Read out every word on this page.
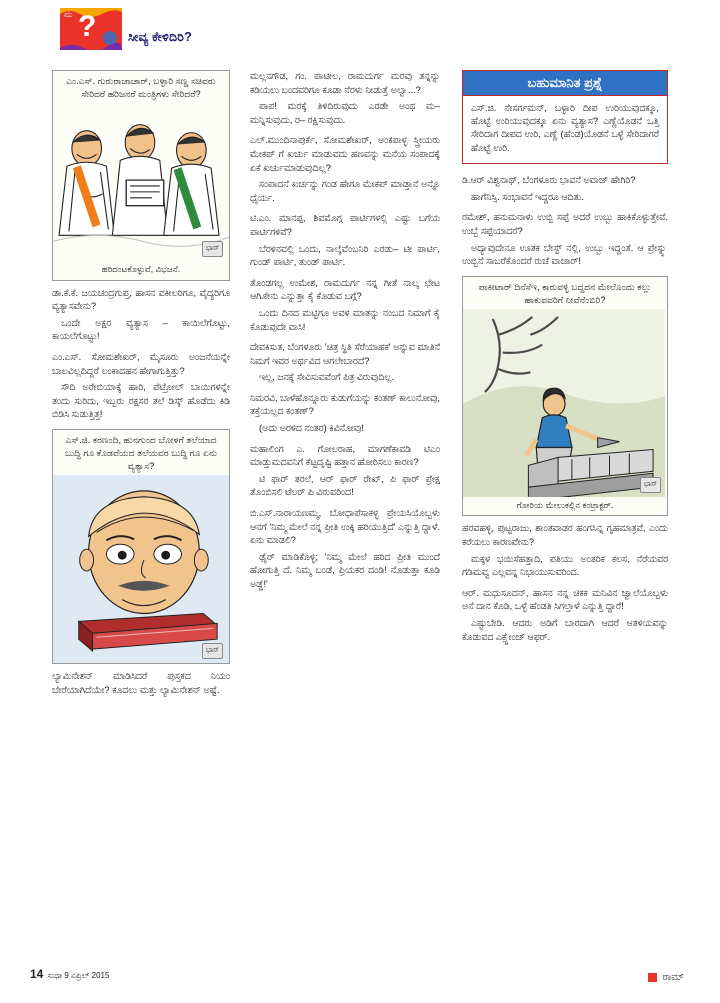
ಮ ?	ಸೀವ್ಯ ಕೇಳಿದಿರಿ?
ಎಂ.ಎಸ್. ಗುರುರಾಜಾಚಾರ್, ಬಳ್ಳಾರಿ ಸಣ್ಣ ಸಚಿವರು ಸೇರಿದರೆ ಹರಿಜನರೆ ಮಂತ್ರಿಗಳು ಸೇರಿದರೆ?
ಭಾಸ್
ಹರಿದಂಟಕೊಳ್ಳುವೆ, ವಿಭಜನೆ.

ಡಾ.ಕೆ.ಕೆ. ಜಯಚಂದ್ರಗುಪ್ತ, ಹಾಸನ ವಕೀಲರಿಗೂ, ವೈದ್ಯರಿಗೂ ವ್ಯತ್ಯಾಸವೇನು?

ಒಂದೇ ಅಕ್ಷರ ವ್ಯತ್ಯಾಸ – ಕಾಯಿಲೆಗೊಟ್ಟು, ಕಾಯಲೆಗೊಟ್ಟು!

ಎಂ.ಎಸ್. ಸೋಮಶೇಖರ್, ಮೈಸೂರು ಅಂಜನೆಯನ್ನೇ ಬಾಲವಿಲ್ಲದಿದ್ದರೆ ಲಂಕಾದಹನ ಹೇಗಾಗುತ್ತಿತ್ತು?

ಸೌದಿ ಅರೇಬಿಯಾಕ್ಕೆ ಹಾರಿ, ಪೆಟ್ರೋಲ್ ಬಾಯಿಗಳನ್ನೇ ತಂದು ಸುರಿದು, ಇಬ್ಬರು ರಕ್ಷಸರ ತಲೆ ಡಿಸ್ಕ್ ಹೊಡೆದು ಕಿಡಿ ಬಿಡಿಸಿ ಸುಡುತ್ತಿತ್ತ!

ಎಸ್.ಜಿ. ಕರಣಂದಿ, ಹುನಗುಂದ ಬೋಳಗೆ ತಲೆಯಾದ ಬುದ್ಧಿ ಗೂ ಕೊಡವೆಯದ ತಲೆಯವರ ಬುದ್ಧಿ ಗೂ ಏನು ವ್ಯತ್ಯಾಸ?
ಭಾಸ್

ಲ್ಯಾಮಿನೇಶನ್ ಮಾಡಿಸಿದರೆ ಪುಸ್ತಕದ ನಿಯಂ ಬೇರೆಯಾಗಿದೆಯೇ? ಕೂದಲು ಮತ್ತು ಲ್ಯಾಮಿನೇಶನ್ ಅಷ್ಟೆ.

ಮಲ್ಲನಗೌಡ, ಗಂ. ಪಾಟೀಲ, ರಾಮದುರ್ಗ ಮರವು ತನ್ನನ್ನು ಕಡಿಯಲು ಬಂದವರಿಗೂ ಕೂಡಾ ನೆರಳು ನೀಡುತ್ತೆ ಅಲ್ವಾ...?

ಪಾಪ! ಮರಕ್ಕೆ ತಿಳಿದಿರುವುದು ಎರಡೇ ಅಂಥ ಮ– ಮನ್ನಿಸುವುದು, ರ– ರಕ್ಷಿಸುವುದು.

ಎಲ್.ಮುಂದಿನಾಪುರ್ಕೆ, ಸೋಮಶೇಖರ್, ಅಂಕಪಾಳ್ಳ ಸ್ತ್ರೀಯರು ಮೇಕಪ್ ಗೆ ಖರ್ಚು ಮಾಡುವದು ಹಣವನ್ನು ಮನೆಯ ಸಂಪಾದಕ್ಕೆ ಏಕೆ ಖರ್ಚುಮಾಡುವುದಿಲ್ಲ?

ಸಂಪಾದನೆ ಖರ್ಚನ್ನು ಗಂಡ ಹೇಗೂ ಮೇಕಪ್ ಮಾಡ್ತಾನೆ ಅನ್ನೊ ಧೈರ್ಯ.

ಟಿ.ಎಂ. ಮಾನಪ್ಪ, ಶಿವಮೊಗ್ಗ ಪಾರ್ಟಿಗಳಲ್ಲಿ ಎಷ್ಟು ಬಗೆಯ ಪಾರ್ಟಿಗಳಿವೆ?

ಬೆರಳಿನವಲ್ಲಿ ಒಂದು, ನಾಲ್ಕೆವೆಂಬನಿರಿ ಎರಡು– ಟೀ ಪಾರ್ಟಿ, ಗುಂಡ್ ಪಾರ್ಟಿ, ತುಂಡ್ ಪಾರ್ಟಿ.

ತೊಂಡಗಲ್ಲ ಉಮೇಶ, ರಾಮದುರ್ಗ ನನ್ನ ಗೀತೆ ನಾಲ್ಕ ಛೇಟ ಆಗಿೂೇನು ಎನ್ನುತ್ತಾ ಕೈ ಕೊಡುವ ಬಗ್ಗೆ?

ಒಂದು ದಿನದ ಮಟ್ಟಿಗೂ ಅವಳ ಮಾತನ್ನು ನಂಬದ ನಿಮಾಗೆ ಕೈ ಕೊಡುವುದೇ ವಾಸಿ!

ದೇವಕಿಸುತ, ಬೆಂಗಳೂರು 'ಚಿತ್ರ ಸ್ಥಿತಿ ಸೆರೆಯಾಹಕ' ಅನ್ನುವ ಮಾತಿನೆ ನಿಮಗೆ ಇವರ ಅರ್ಥವಿದ ಆಗಲೇಬಾರದೆ?

ಇಲ್ಲ, ಜನಕ್ಕೆ ಸೇವಿಸುವವೆಂಗೆ ಪಿತ್ರ ವಿರುವುದಿಲ್ಲ.

ನಿಮರವಿ, ಬಾಳೆಹೊನ್ನೂರು ಕುಡುಗೆಯನ್ನು ಕಂತಣ್ ಕಾಲುನೋವು, ತಕ್ತೆಯಲ್ಲದ ಕಂತಣ್?

(ಅದು ಅರಳಿದ ನಂತರ) ಕಿವಿನೋವು!

ಮಹಾಲಿಂಗ ಎ. ಗೋಲರಾಹ, ಮಾಗಣೆಕಾವಡಿ ಟಿಎಂ ಮಾಡ್ತುಮದವನಿಗೆ ಕೆಟ್ಟದೃಷ್ಟಿ ಹತ್ತಾನ ಹೋರಿಸಲು ಕಾರಣ?

ಟಿ ಫಾರ್ ತರಲೆ, ಆರ್ ಫಾರ್ ರೇಖ್, ಪಿ ಫಾರ್ ಪ್ರೇಕ್ಷ ತೊಂಬಿಸಲಿ ಟೆಲರ್ ಪಿ ವಿರುವರಿಂದ!

ಬಿ.ಎಸ್.ನಾರಾಯಣಮ್ಮ, ಬೋಧಾಪೆಸಾಕಳ್ಳ ಪ್ರೇಯಸಿಯೊಬ್ಬಳು ಆನಗೆ 'ನಿಮ್ಮ ಮೇಲೆ ನನ್ನ ಪ್ರೀತಿ ಉಕ್ಕಿ ಹರಿಯುತ್ತಿದೆ' ಎನ್ನುತ್ತಿ ದ್ದಾಳೆ. ಏನು ಮಾಡಲಿ?

ಢೈರ್ ಮಾಡಿಕೊಳ್ಳಿ; 'ನಿಮ್ಮ ಮೇಲೆ ಹರಿದ ಪ್ರೀತಿ ಮುಂದೆ ಹೋಗುತ್ತಿ ದೆ. ನಿಮ್ಮ ಬಂಡೆ, ಪ್ರಿಯಕರ ದಂಡಿ! ನೊಡುತ್ತಾ ಕೂಡಿ ಅಡ್ಡೆ!'

ಬಹುಮಾನಿತ ಪ್ರಶ್ನೆ
ಎಸ್.ಜಿ. ನೇಸರ್ಗಮನ್, ಬಳ್ಳಾರಿ ದೀಪ ಉರಿಯುವುದಕ್ಕೂ, ಹೊಟ್ಟೆ ಉರಿಯುವುದಕ್ಕೂ ಏನು ವ್ಯತ್ಯಾಸ? ಎಣ್ಣೆಯೊಡನೆ ಒತ್ತಿ ಸೇರಿದಾಗ ದೀಪದ ಉರಿ, ಎಣ್ಣೆ (ಹೆಂಡ)ಯೊಡನೆ ಒಳ್ಳೆ ಸೇರಿದಾಗರೆ ಹೊಟ್ಟೆ ಉರಿ.

ಡಿ.ಆರ್ ವಿಶ್ವನಾಥ್, ಬೆಂಗಳೂರು ಭಾವನೆ ಅವಾಜ್ ಹೇಗಿರಿ?

ಹಾಗೆನಿಸ್ಸಿ. ಸಂಭಾವನೆ ಇದ್ದರೂ ಆದಿತು.

ರಮೇಶ್, ಹನುಮನಾಳು ಉಬ್ಬಿ ಸಪ್ಪೆ ಅದರೆ ಉಬ್ಬು ಹಾಕಿಕೊಳ್ಳುತ್ತೇವೆ. ಉಬ್ಬೆ ಸಪ್ಪೆಯಾದರೆ?

ಅದ್ಯಾವುದೇನೂ ಊತಕ ಬೇಸ್ಟ್ ನಲ್ಲಿ, ಉಬ್ಬು ಇದ್ದಂತೆ. ಆ ಪ್ರೇಸ್ನ್ಸು ಉಬ್ಬಿನೆ ಸಾಬರೆಕೊಂದರೆ ರುಚೆ ವಾಜಾರ್!

ಪಾಕೀಟಾರ್ ದಿನೆಸೆಇ, ಕಾರುವಳ್ಳಿ ಬದ್ದದನ ಮೇಲೊಂದು ಕಲ್ಲು ಹಾಕುವವರಿಗೆ ನೀವೆನೆಂಬಿರಿ?
ಭಾಸ್
ಗೋರಿಯ ಮೇಲುಕಲ್ಲಿನ ಕಂಟ್ರಾಕ್ಟರ್.

ಹರವಹಳ್ಳಿ, ಪುಟ್ಟರಾಜು, ಶಾಂತವಾಡರ ಹಂಗಸಿನ್ನ ಗೃಹಮಾತ್ರವೆ, ಎಂದು ಕರೆಯಲು ಕಾರಣವೇನು?

ಮಕ್ಕಳ ಭಯಿಸೆಹತ್ತಾದಿ, ಪತಿಯು ಅಂತರಿಕ ಕಲಸ, ನೆರೆಯವರ ಗಡಿಮವ್ವ ಎಲ್ಲವನ್ನ ನಿಭಾಯುಸುವರಿಂದ.

ಆರ್. ಮಧುಸೂದನ್, ಹಾಸನ ನನ್ನ ಚಿಕಕ ಮನಿವಿನ ಜ್ವಾಲೆಯೊಬ್ಬಳು ಅನೆ ದಾನ ಕೊಡಿ, ಒಳ್ಳೆ ಹೆಂಡತಿ ಸಿಗಲ್ತಾಳೆ ಎನ್ನುತ್ತಿ ದ್ದಾರೆ!

ಎಷ್ಟುಬೇಡಿ. ಆದರು ಅಡಿಗೆ ಬಾರದಾಗಿ ಆದರೆ ಆತಳಿಯವನ್ನು ಕೊಡುವದ ಎಕ್ಸ್ಚೇಂಜ್ ಆಫರ್.

14 ಸುಧಾ 9 ಎಪ್ರಿಲ್ 2015	ರಾಮ್
